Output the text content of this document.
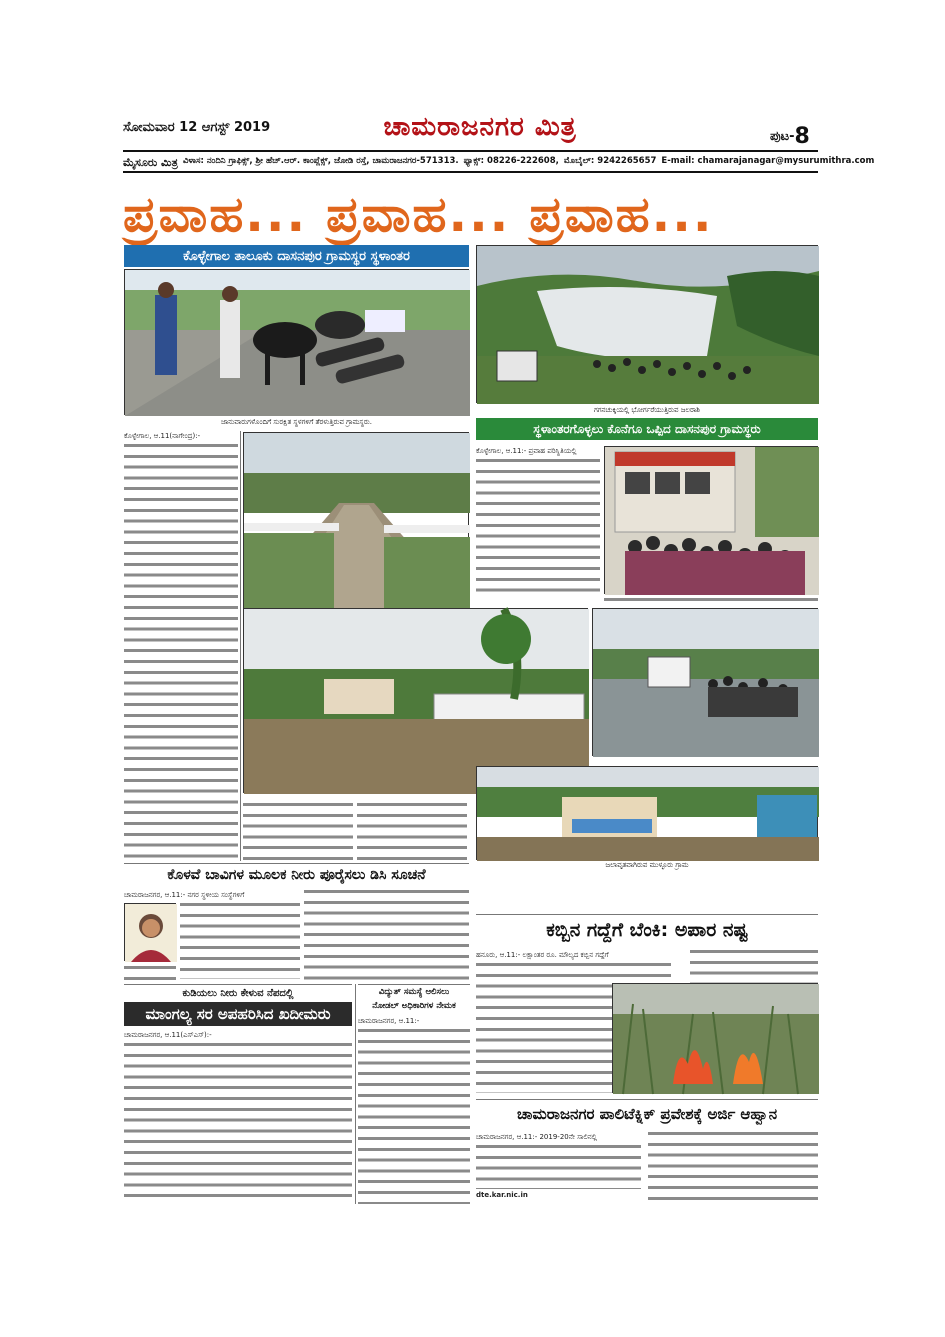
ಸೋಮವಾರ 12 ಆಗಸ್ಟ್ 2019	ಚಾಮರಾಜನಗರ ಮಿತ್ರ	ಪುಟ-8
ಮೈಸೂರು ಮಿತ್ರ ವಿಳಾಸ: ನಂದಿನಿ ಗ್ರಾಫಿಕ್ಸ್, ಶ್ರೀ ಹೆಚ್.ಆರ್. ಕಾಂಪ್ಲೆಕ್ಸ್, ಜೋಡಿ ರಸ್ತೆ, ಚಾಮರಾಜನಗರ-571313. ಫ್ಯಾಕ್ಸ್: 08226-222608, ಮೊಬೈಲ್: 9242265657 E-mail: chamarajanagar@mysurumithra.com
ಪ್ರವಾಹ... ಪ್ರವಾಹ... ಪ್ರವಾಹ...
ಕೊಳ್ಳೇಗಾಲ ತಾಲೂಕು ದಾಸನಪುರ ಗ್ರಾಮಸ್ಥರ ಸ್ಥಳಾಂತರ
ಜಾನುವಾರುಗಳೊಂದಿಗೆ ಸುರಕ್ಷಿತ ಸ್ಥಳಗಳಿಗೆ ತೆರಳುತ್ತಿರುವ ಗ್ರಾಮಸ್ಥರು.
ಗಗನಚುಕ್ಕಿಯಲ್ಲಿ ಭೋರ್ಗರೆಯುತ್ತಿರುವ ಜಲರಾಶಿ
ಕೊಳ್ಳೇಗಾಲ, ಆ.11(ನಾಗೇಂದ್ರ):-
ಸ್ಥಳಾಂತರಗೊಳ್ಳಲು ಕೊನೆಗೂ ಒಪ್ಪಿದ ದಾಸನಪುರ ಗ್ರಾಮಸ್ಥರು
ಕೊಳ್ಳೇಗಾಲ, ಆ.11:- ಪ್ರವಾಹ ಪರಿಸ್ಥಿತಿಯಲ್ಲಿ
ಜಲಾವೃತವಾಗಿರುವ ಮುಳ್ಳೂರು ಗ್ರಾಮ
ಕೊಳವೆ ಬಾವಿಗಳ ಮೂಲಕ ನೀರು ಪೂರೈಸಲು ಡಿಸಿ ಸೂಚನೆ
ಚಾಮರಾಜನಗರ, ಆ.11:- ನಗರ ಸ್ಥಳೀಯ ಸಂಸ್ಥೆಗಳಿಗೆ
ಕಬ್ಬಿನ ಗದ್ದೆಗೆ ಬೆಂಕಿ: ಅಪಾರ ನಷ್ಟ
ಹನೂರು, ಆ.11:- ಲಕ್ಷಾಂತರ ರೂ. ಮೌಲ್ಯದ ಕಬ್ಬಿನ ಗದ್ದೆಗೆ
ಕುಡಿಯಲು ನೀರು ಕೇಳುವ ನೆಪದಲ್ಲಿ
ಮಾಂಗಲ್ಯ ಸರ ಅಪಹರಿಸಿದ ಖದೀಮರು
ಚಾಮರಾಜನಗರ, ಆ.11(ಎಸ್‌ಎಸ್):-
ವಿದ್ಯುತ್ ಸಮಸ್ಯೆ ಆಲಿಸಲು
ನೋಡಲ್ ಅಧಿಕಾರಿಗಳ ನೇಮಕ
ಚಾಮರಾಜನಗರ, ಆ.11:-
ಚಾಮರಾಜನಗರ ಪಾಲಿಟೆಕ್ನಿಕ್ ಪ್ರವೇಶಕ್ಕೆ ಅರ್ಜಿ ಆಹ್ವಾನ
ಚಾಮರಾಜನಗರ, ಆ.11:- 2019-20ನೇ ಸಾಲಿನಲ್ಲಿ
dte.kar.nic.in
